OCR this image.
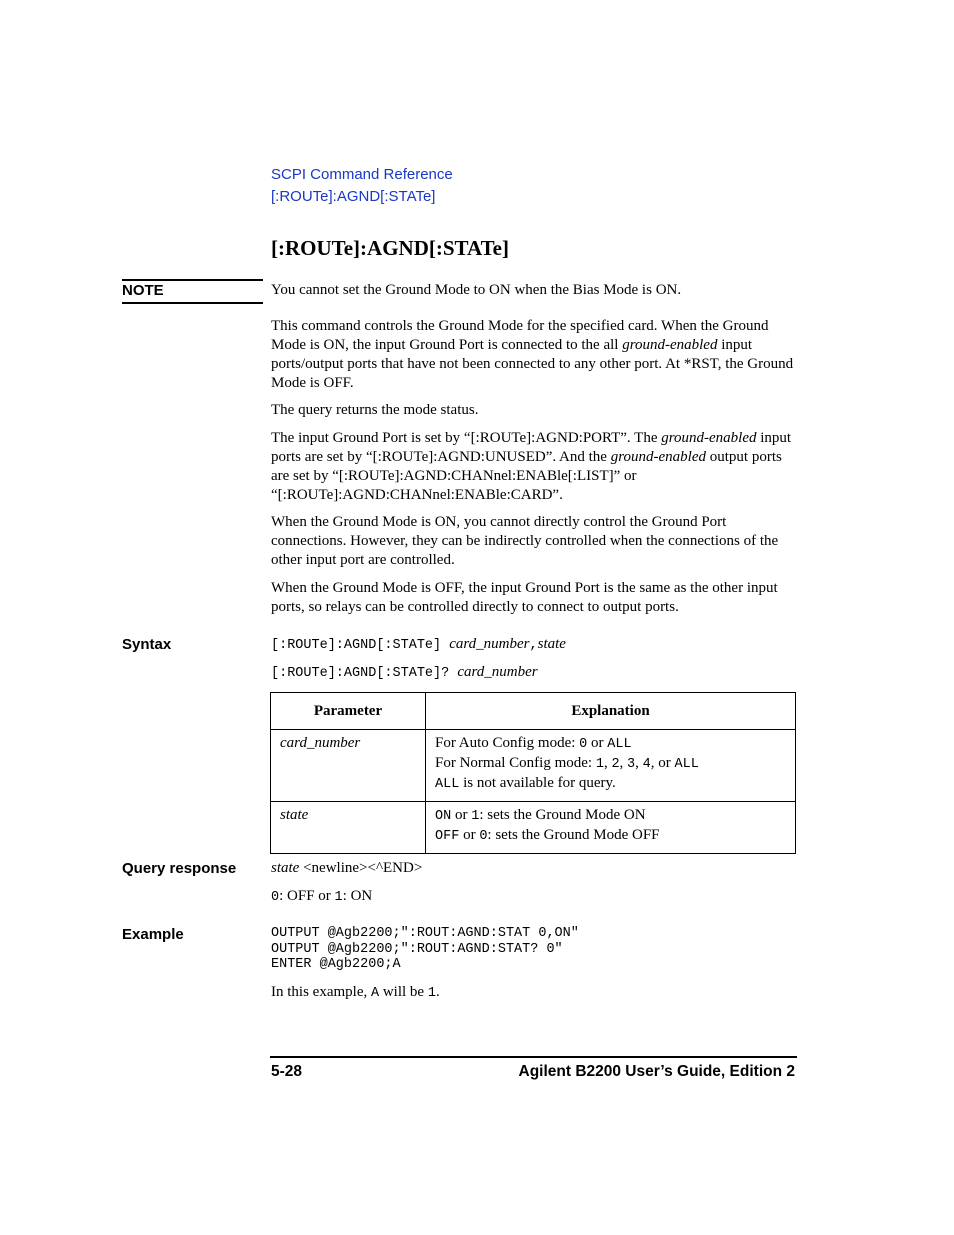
SCPI Command Reference
[:ROUTe]:AGND[:STATe]
[:ROUTe]:AGND[:STATe]
NOTE	You cannot set the Ground Mode to ON when the Bias Mode is ON.
This command controls the Ground Mode for the specified card. When the Ground Mode is ON, the input Ground Port is connected to the all ground-enabled input ports/output ports that have not been connected to any other port. At *RST, the Ground Mode is OFF.
The query returns the mode status.
The input Ground Port is set by “[:ROUTe]:AGND:PORT”. The ground-enabled input ports are set by “[:ROUTe]:AGND:UNUSED”. And the ground-enabled output ports are set by “[:ROUTe]:AGND:CHANnel:ENABle[:LIST]” or “[:ROUTe]:AGND:CHANnel:ENABle:CARD”.
When the Ground Mode is ON, you cannot directly control the Ground Port connections. However, they can be indirectly controlled when the connections of the other input port are controlled.
When the Ground Mode is OFF, the input Ground Port is the same as the other input ports, so relays can be controlled directly to connect to output ports.
Syntax	[:ROUTe]:AGND[:STATe] card_number,state
[:ROUTe]:AGND[:STATe]? card_number
Parameter	Explanation
card_number	For Auto Config mode: 0 or ALL
For Normal Config mode: 1, 2, 3, 4, or ALL
ALL is not available for query.

state	ON or 1: sets the Ground Mode ON
OFF or 0: sets the Ground Mode OFF
Query response state <newline><^END>
0: OFF or 1: ON
Example	OUTPUT @Agb2200;":ROUT:AGND:STAT 0,ON"
OUTPUT @Agb2200;":ROUT:AGND:STAT? 0"
ENTER @Agb2200;A
In this example, A will be 1.
5-28	Agilent B2200 User’s Guide, Edition 2
